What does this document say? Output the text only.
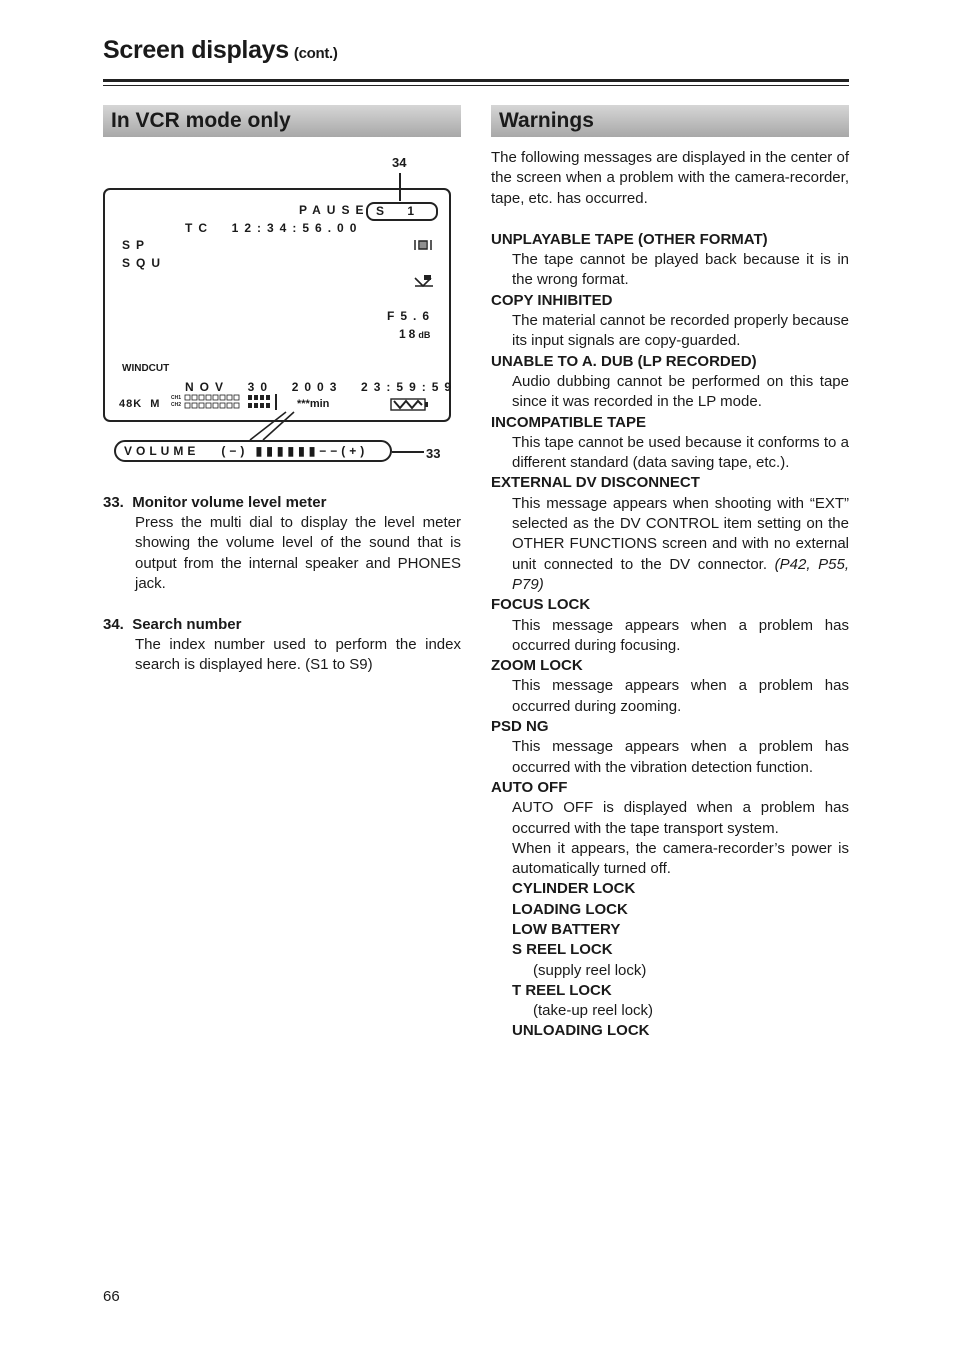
Screen displays (cont.)
In VCR mode only
34
PAUSE S    1
TC  12:34:56.00
SP
SQU
F5.6
18dB
WINDCUT
NOV  30  2003  23:59:59
48K  M CH1
CH2	***min
VOLUME   (−) ▮▮▮▮▮▮−−(+)	33
33. Monitor volume level meter
Press the multi dial to display the level meter showing the volume level of the sound that is output from the internal speaker and PHONES jack.
34. Search number
The index number used to perform the index search is displayed here. (S1 to S9)
Warnings
The following messages are displayed in the center of the screen when a problem with the camera-recorder, tape, etc. has occurred.
UNPLAYABLE TAPE (OTHER FORMAT)
The tape cannot be played back because it is in the wrong format.
COPY INHIBITED
The material cannot be recorded properly because its input signals are copy-guarded.
UNABLE TO A. DUB (LP RECORDED)
Audio dubbing cannot be performed on this tape since it was recorded in the LP mode.
INCOMPATIBLE TAPE
This tape cannot be used because it conforms to a different standard (data saving tape, etc.).
EXTERNAL DV DISCONNECT
This message appears when shooting with “EXT” selected as the DV CONTROL item setting on the OTHER FUNCTIONS screen and with no external unit connected to the DV connector. (P42, P55, P79)
FOCUS LOCK
This message appears when a problem has occurred during focusing.
ZOOM LOCK
This message appears when a problem has occurred during zooming.
PSD NG
This message appears when a problem has occurred with the vibration detection function.
AUTO OFF
AUTO OFF is displayed when a problem has occurred with the tape transport system.
When it appears, the camera-recorder’s power is automatically turned off.
CYLINDER LOCK
LOADING LOCK
LOW BATTERY
S REEL LOCK
(supply reel lock)
T REEL LOCK
(take-up reel lock)
UNLOADING LOCK
66
